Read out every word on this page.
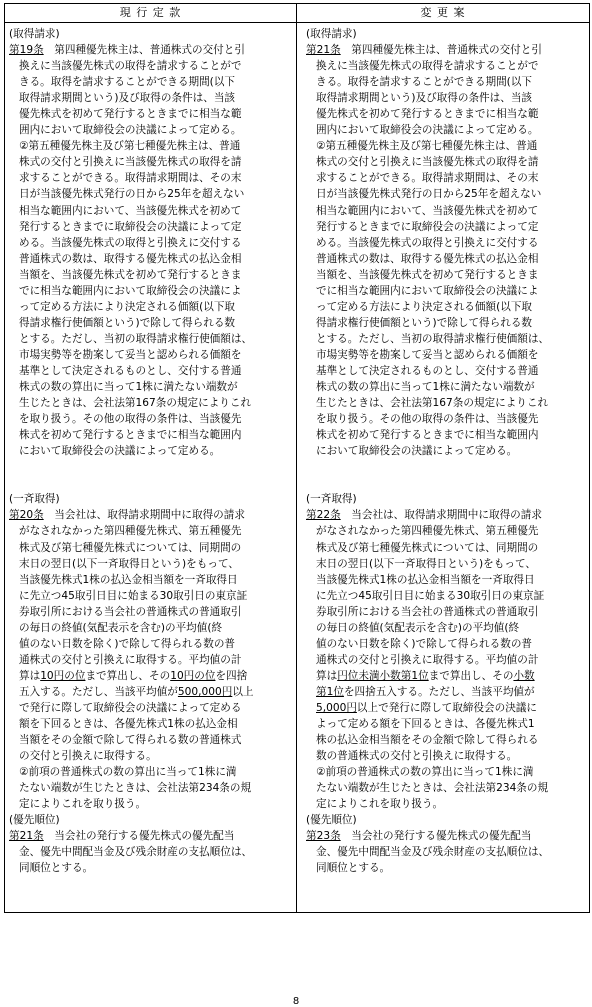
現 行 定 款	変 更 案
(取得請求)
第19条　第四種優先株主は、普通株式の交付と引
換えに当該優先株式の取得を請求することがで
きる。取得を請求することができる期間(以下
取得請求期間という)及び取得の条件は、当該
優先株式を初めて発行するときまでに相当な範
囲内において取締役会の決議によって定める。
②第五種優先株主及び第七種優先株主は、普通
株式の交付と引換えに当該優先株式の取得を請
求することができる。取得請求期間は、その末
日が当該優先株式発行の日から25年を超えない
相当な範囲内において、当該優先株式を初めて
発行するときまでに取締役会の決議によって定
める。当該優先株式の取得と引換えに交付する
普通株式の数は、取得する優先株式の払込金相
当額を、当該優先株式を初めて発行するときま
でに相当な範囲内において取締役会の決議によ
って定める方法により決定される価額(以下取
得請求権行使価額という)で除して得られる数
とする。ただし、当初の取得請求権行使価額は、
市場実勢等を勘案して妥当と認められる価額を
基準として決定されるものとし、交付する普通
株式の数の算出に当って1株に満たない端数が
生じたときは、会社法第167条の規定によりこれ
を取り扱う。その他の取得の条件は、当該優先
株式を初めて発行するときまでに相当な範囲内
において取締役会の決議によって定める。
(一斉取得)
第20条　当会社は、取得請求期間中に取得の請求
がなされなかった第四種優先株式、第五種優先
株式及び第七種優先株式については、同期間の
末日の翌日(以下一斉取得日という)をもって、
当該優先株式1株の払込金相当額を一斉取得日
に先立つ45取引日目に始まる30取引日の東京証
券取引所における当会社の普通株式の普通取引
の毎日の終値(気配表示を含む)の平均値(終
値のない日数を除く)で除して得られる数の普
通株式の交付と引換えに取得する。平均値の計
算は10円の位まで算出し、その10円の位を四捨
五入する。ただし、当該平均値が500,000円以上
で発行に際して取締役会の決議によって定める
額を下回るときは、各優先株式1株の払込金相
当額をその金額で除して得られる数の普通株式
の交付と引換えに取得する。
②前項の普通株式の数の算出に当って1株に満
たない端数が生じたときは、会社法第234条の規
定によりこれを取り扱う。
(優先順位)
第21条　当会社の発行する優先株式の優先配当
金、優先中間配当金及び残余財産の支払順位は、
同順位とする。
(取得請求)
第21条　第四種優先株主は、普通株式の交付と引
換えに当該優先株式の取得を請求することがで
きる。取得を請求することができる期間(以下
取得請求期間という)及び取得の条件は、当該
優先株式を初めて発行するときまでに相当な範
囲内において取締役会の決議によって定める。
②第五種優先株主及び第七種優先株主は、普通
株式の交付と引換えに当該優先株式の取得を請
求することができる。取得請求期間は、その末
日が当該優先株式発行の日から25年を超えない
相当な範囲内において、当該優先株式を初めて
発行するときまでに取締役会の決議によって定
める。当該優先株式の取得と引換えに交付する
普通株式の数は、取得する優先株式の払込金相
当額を、当該優先株式を初めて発行するときま
でに相当な範囲内において取締役会の決議によ
って定める方法により決定される価額(以下取
得請求権行使価額という)で除して得られる数
とする。ただし、当初の取得請求権行使価額は、
市場実勢等を勘案して妥当と認められる価額を
基準として決定されるものとし、交付する普通
株式の数の算出に当って1株に満たない端数が
生じたときは、会社法第167条の規定によりこれ
を取り扱う。その他の取得の条件は、当該優先
株式を初めて発行するときまでに相当な範囲内
において取締役会の決議によって定める。
(一斉取得)
第22条　当会社は、取得請求期間中に取得の請求
がなされなかった第四種優先株式、第五種優先
株式及び第七種優先株式については、同期間の
末日の翌日(以下一斉取得日という)をもって、
当該優先株式1株の払込金相当額を一斉取得日
に先立つ45取引日目に始まる30取引日の東京証
券取引所における当会社の普通株式の普通取引
の毎日の終値(気配表示を含む)の平均値(終
値のない日数を除く)で除して得られる数の普
通株式の交付と引換えに取得する。平均値の計
算は円位未満小数第1位まで算出し、その小数
第1位を四捨五入する。ただし、当該平均値が
5,000円以上で発行に際して取締役会の決議に
よって定める額を下回るときは、各優先株式1
株の払込金相当額をその金額で除して得られる
数の普通株式の交付と引換えに取得する。
②前項の普通株式の数の算出に当って1株に満
たない端数が生じたときは、会社法第234条の規
定によりこれを取り扱う。
(優先順位)
第23条　当会社の発行する優先株式の優先配当
金、優先中間配当金及び残余財産の支払順位は、
同順位とする。
8
